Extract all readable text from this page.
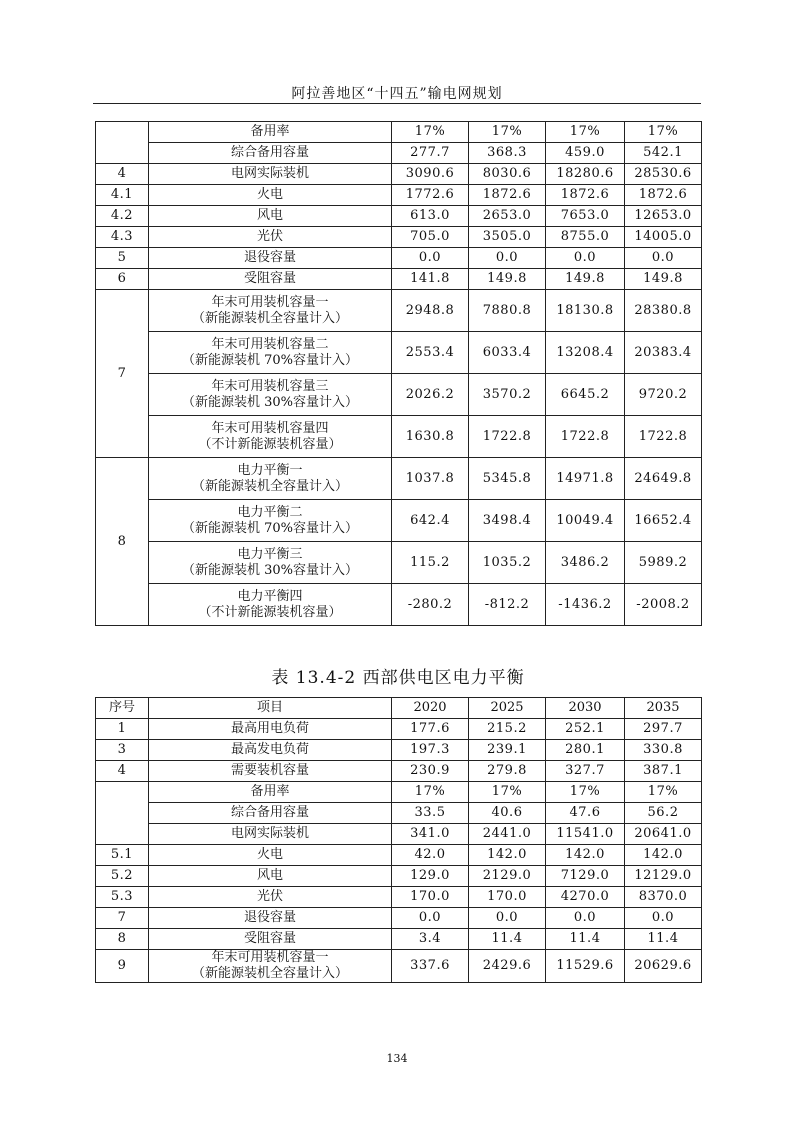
阿拉善地区“十四五”输电网规划
	备用率	17%	17%	17%	17%
	综合备用容量	277.7	368.3	459.0	542.1
4	电网实际装机	3090.6	8030.6	18280.6	28530.6
4.1	火电	1772.6	1872.6	1872.6	1872.6
4.2	风电	613.0	2653.0	7653.0	12653.0
4.3	光伏	705.0	3505.0	8755.0	14005.0
5	退役容量	0.0	0.0	0.0	0.0
6	受阻容量	141.8	149.8	149.8	149.8
7	年末可用装机容量一
（新能源装机全容量计入）	2948.8	7880.8	18130.8	28380.8

	年末可用装机容量二
（新能源装机 70%容量计入）	2553.4	6033.4	13208.4	20383.4

	年末可用装机容量三
（新能源装机 30%容量计入）	2026.2	3570.2	6645.2	9720.2

	年末可用装机容量四
（不计新能源装机容量）	1630.8	1722.8	1722.8	1722.8
8	电力平衡一
（新能源装机全容量计入）	1037.8	5345.8	14971.8	24649.8

	电力平衡二
（新能源装机 70%容量计入）	642.4	3498.4	10049.4	16652.4

	电力平衡三
（新能源装机 30%容量计入）	115.2	1035.2	3486.2	5989.2

	电力平衡四
（不计新能源装机容量）	-280.2	-812.2	-1436.2	-2008.2
表 13.4-2 西部供电区电力平衡
序号	项目	2020	2025	2030	2035
1	最高用电负荷	177.6	215.2	252.1	297.7
3	最高发电负荷	197.3	239.1	280.1	330.8
4	需要装机容量	230.9	279.8	327.7	387.1
	备用率	17%	17%	17%	17%
	综合备用容量	33.5	40.6	47.6	56.2
	电网实际装机	341.0	2441.0	11541.0	20641.0
5.1	火电	42.0	142.0	142.0	142.0
5.2	风电	129.0	2129.0	7129.0	12129.0
5.3	光伏	170.0	170.0	4270.0	8370.0
7	退役容量	0.0	0.0	0.0	0.0
8	受阻容量	3.4	11.4	11.4	11.4
9	年末可用装机容量一
（新能源装机全容量计入）	337.6	2429.6	11529.6	20629.6
134
